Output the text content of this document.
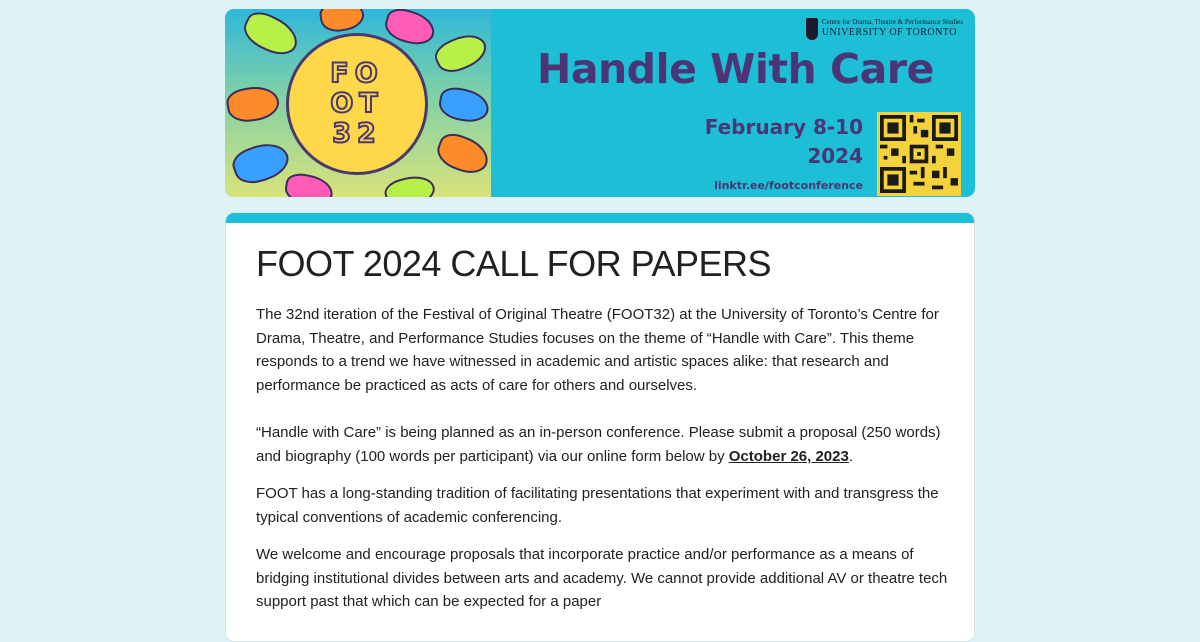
FO
OT
32
Centre for Drama, Theatre & Performance Studies
UNIVERSITY OF TORONTO
Handle With Care
February 8-10
2024
linktr.ee/footconference
FOOT 2024 CALL FOR PAPERS

The 32nd iteration of the Festival of Original Theatre (FOOT32) at the University of Toronto’s Centre for Drama, Theatre, and Performance Studies focuses on the theme of “Handle with Care”. This theme responds to a trend we have witnessed in academic and artistic spaces alike: that research and performance be practiced as acts of care for others and ourselves.

“Handle with Care” is being planned as an in-person conference. Please submit a proposal (250 words) and biography (100 words per participant) via our online form below by October 26, 2023.

FOOT has a long-standing tradition of facilitating presentations that experiment with and transgress the typical conventions of academic conferencing.

We welcome and encourage proposals that incorporate practice and/or performance as a means of bridging institutional divides between arts and academy. We cannot provide additional AV or theatre tech support past that which can be expected for a paper
